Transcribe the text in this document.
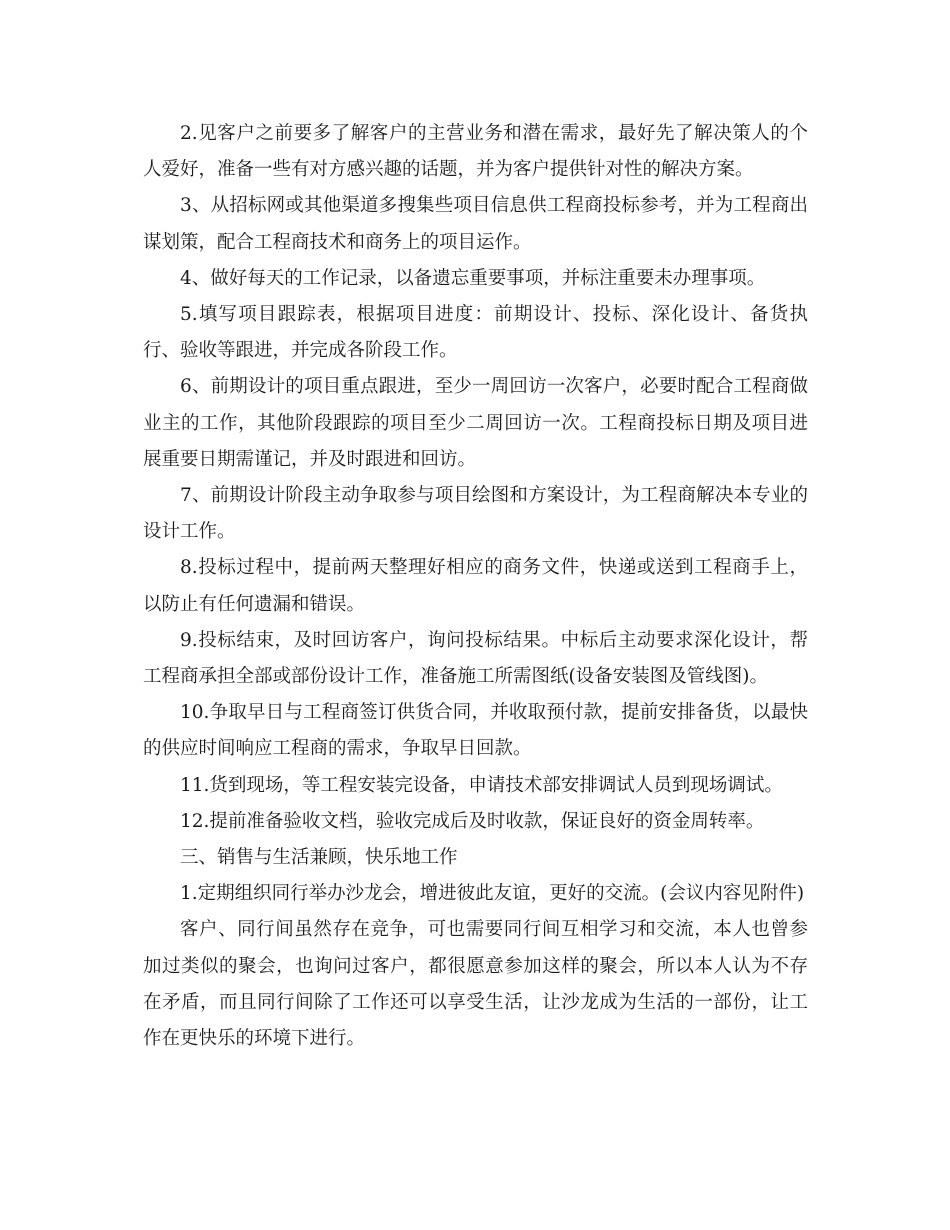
2.见客户之前要多了解客户的主营业务和潜在需求，最好先了解决策人的个人爱好，准备一些有对方感兴趣的话题，并为客户提供针对性的解决方案。

3、从招标网或其他渠道多搜集些项目信息供工程商投标参考，并为工程商出谋划策，配合工程商技术和商务上的项目运作。

4、做好每天的工作记录，以备遗忘重要事项，并标注重要未办理事项。

5.填写项目跟踪表，根据项目进度：前期设计、投标、深化设计、备货执行、验收等跟进，并完成各阶段工作。

6、前期设计的项目重点跟进，至少一周回访一次客户，必要时配合工程商做业主的工作，其他阶段跟踪的项目至少二周回访一次。工程商投标日期及项目进展重要日期需谨记，并及时跟进和回访。

7、前期设计阶段主动争取参与项目绘图和方案设计，为工程商解决本专业的设计工作。

8.投标过程中，提前两天整理好相应的商务文件，快递或送到工程商手上，以防止有任何遗漏和错误。

9.投标结束，及时回访客户，询问投标结果。中标后主动要求深化设计，帮工程商承担全部或部份设计工作，准备施工所需图纸(设备安装图及管线图)。

10.争取早日与工程商签订供货合同，并收取预付款，提前安排备货，以最快的供应时间响应工程商的需求，争取早日回款。

11.货到现场，等工程安装完设备，申请技术部安排调试人员到现场调试。

12.提前准备验收文档，验收完成后及时收款，保证良好的资金周转率。

三、销售与生活兼顾，快乐地工作

1.定期组织同行举办沙龙会，增进彼此友谊，更好的交流。(会议内容见附件)

客户、同行间虽然存在竞争，可也需要同行间互相学习和交流，本人也曾参加过类似的聚会，也询问过客户，都很愿意参加这样的聚会，所以本人认为不存在矛盾，而且同行间除了工作还可以享受生活，让沙龙成为生活的一部份，让工作在更快乐的环境下进行。
